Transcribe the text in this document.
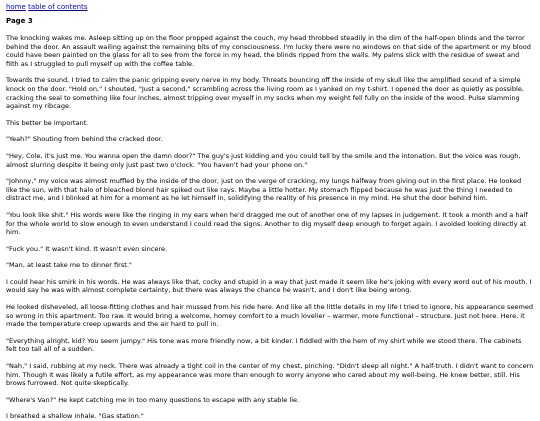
home table of contents
Page 3

The knocking wakes me. Asleep sitting up on the floor propped against the couch, my head throbbed steadily in the dim of the half-open blinds and the terror behind the door. An assault wailing against the remaining bits of my consciousness. I'm lucky there were no windows on that side of the apartment or my blood could have been painted on the glass for all to see from the force in my head, the blinds ripped from the walls. My palms slick with the residue of sweat and filth as I struggled to pull myself up with the coffee table.

Towards the sound, I tried to calm the panic gripping every nerve in my body. Threats bouncing off the inside of my skull like the amplified sound of a simple knock on the door. "Hold on," I shouted, "Just a second," scrambling across the living room as I yanked on my t-shirt. I opened the door as quietly as possible, cracking the seal to something like four inches, almost tripping over myself in my socks when my weight fell fully on the inside of the wood. Pulse slamming against my ribcage.

This better be important.

"Yeah?" Shouting from behind the cracked door.

"Hey, Cole, it's just me. You wanna open the damn door?" The guy's just kidding and you could tell by the smile and the intonation. But the voice was rough, almost slurring despite it being only just past two o'clock. "You haven't had your phone on."

"Johnny," my voice was almost muffled by the inside of the door, just on the verge of cracking, my lungs halfway from giving out in the first place. He looked like the sun, with that halo of bleached blond hair spiked out like rays. Maybe a little hotter. My stomach flipped because he was just the thing I needed to distract me, and I blinked at him for a moment as he let himself in, solidifying the reality of his presence in my mind. He shut the door behind him.

"You look like shit." His words were like the ringing in my ears when he'd dragged me out of another one of my lapses in judgement. It took a month and a half for the whole world to slow enough to even understand I could read the signs. Another to dig myself deep enough to forget again. I avoided looking directly at him.

"Fuck you." It wasn't kind. It wasn't even sincere.

"Man, at least take me to dinner first."

I could hear his smirk in his words. He was always like that, cocky and stupid in a way that just made it seem like he's joking with every word out of his mouth. I would say he was with almost complete certainty, but there was always the chance he wasn't, and I don't like being wrong.

He looked disheveled, all loose-fitting clothes and hair mussed from his ride here. And like all the little details in my life I tried to ignore, his appearance seemed so wrong in this apartment. Too raw. It would bring a welcome, homey comfort to a much lovelier – warmer, more functional – structure. Just not here. Here, it made the temperature creep upwards and the air hard to pull in.

"Everything alright, kid? You seem jumpy." His tone was more friendly now, a bit kinder. I fiddled with the hem of my shirt while we stood there. The cabinets felt too tall all of a sudden.

"Nah," I said, rubbing at my neck. There was already a tight coil in the center of my chest, pinching. "Didn't sleep all night." A half-truth. I didn't want to concern him. Though it was likely a futile effort, as my appearance was more than enough to worry anyone who cared about my well-being. He knew better, still. His brows furrowed. Not quite skeptically.

"Where's Van?" He kept catching me in too many questions to escape with any stable lie.

I breathed a shallow inhale. "Gas station."
